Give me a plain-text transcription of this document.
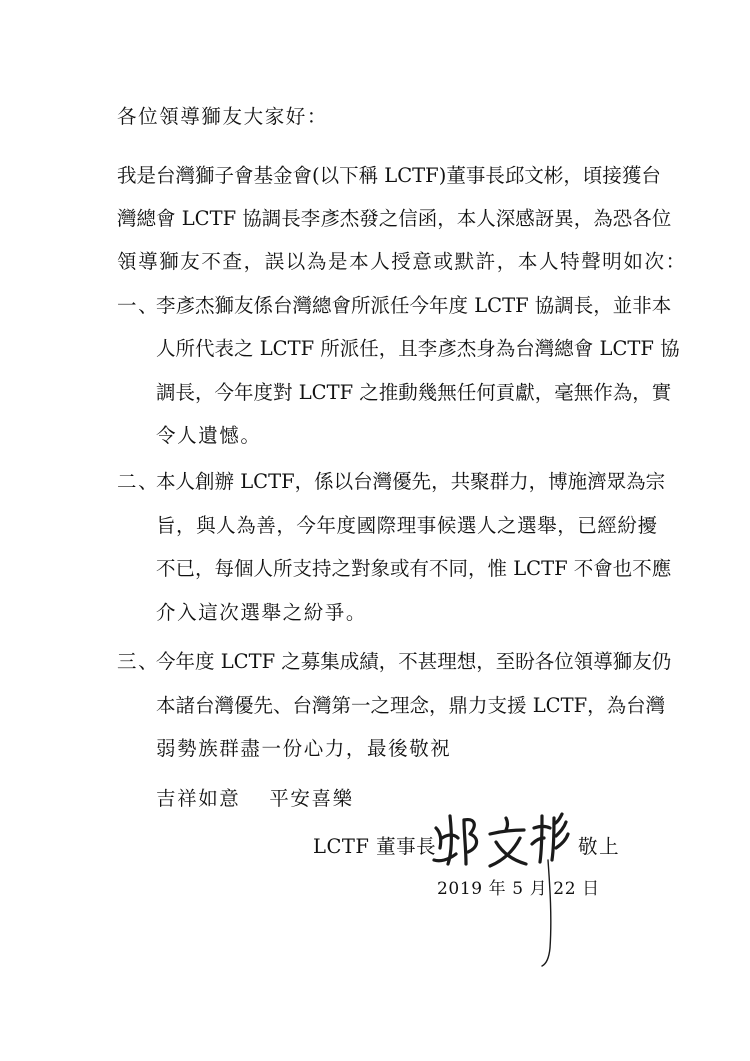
各位領導獅友大家好：
我是台灣獅子會基金會(以下稱 LCTF)董事長邱文彬，頃接獲台
灣總會 LCTF 協調長李彥杰發之信函，本人深感訝異，為恐各位
領導獅友不查，誤以為是本人授意或默許，本人特聲明如次：
一、
李彥杰獅友係台灣總會所派任今年度 LCTF 協調長，並非本
人所代表之 LCTF 所派任，且李彥杰身為台灣總會 LCTF 協
調長，今年度對 LCTF 之推動幾無任何貢獻，毫無作為，實
令人遺憾。
二、
本人創辦 LCTF，係以台灣優先，共聚群力，博施濟眾為宗
旨，與人為善，今年度國際理事候選人之選舉，已經紛擾
不已，每個人所支持之對象或有不同，惟 LCTF 不會也不應
介入這次選舉之紛爭。
三、
今年度 LCTF 之募集成績，不甚理想，至盼各位領導獅友仍
本諸台灣優先、台灣第一之理念，鼎力支援 LCTF，為台灣
弱勢族群盡一份心力，最後敬祝
吉祥如意　 平安喜樂
LCTF 董事長	敬上
2019 年 5 月 22 日
